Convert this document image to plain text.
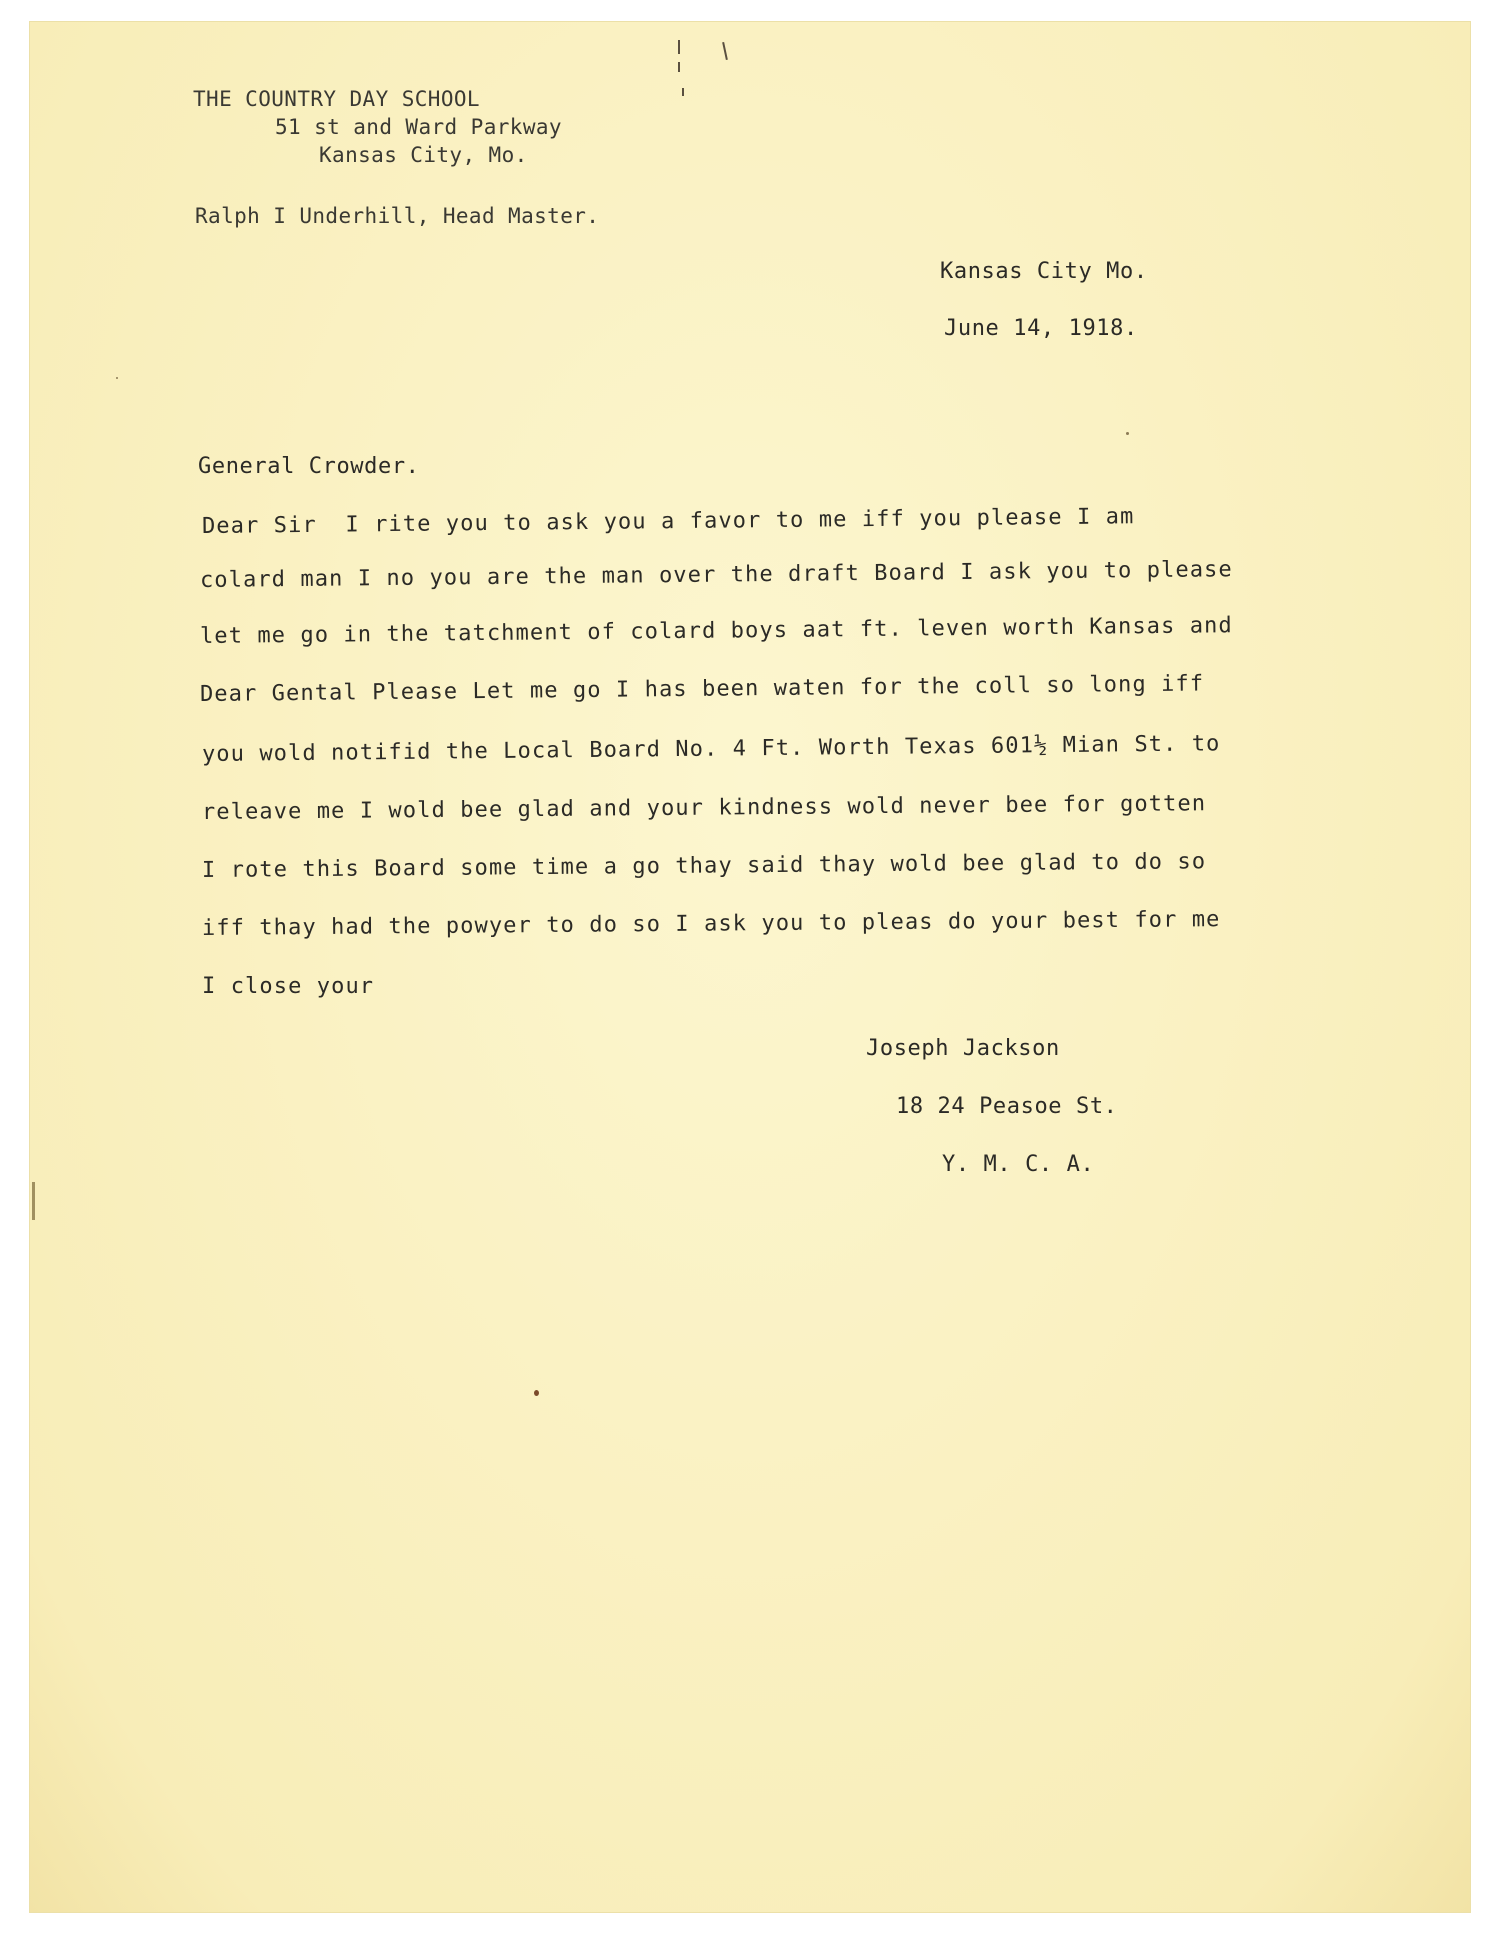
THE COUNTRY DAY SCHOOL
51 st and Ward Parkway
Kansas City, Mo.
Ralph I Underhill, Head Master.
Kansas City Mo.
June 14, 1918.
General Crowder.
Dear Sir  I rite you to ask you a favor to me iff you please I am
colard man I no you are the man over the draft Board I ask you to please
let me go in the tatchment of colard boys aat ft. leven worth Kansas and
Dear Gental Please Let me go I has been waten for the coll so long iff
you wold notifid the Local Board No. 4 Ft. Worth Texas 601½ Mian St. to
releave me I wold bee glad and your kindness wold never bee for gotten
I rote this Board some time a go thay said thay wold bee glad to do so
iff thay had the powyer to do so I ask you to pleas do your best for me
I close your
Joseph Jackson
18 24 Peasoe St.
Y. M. C. A.
